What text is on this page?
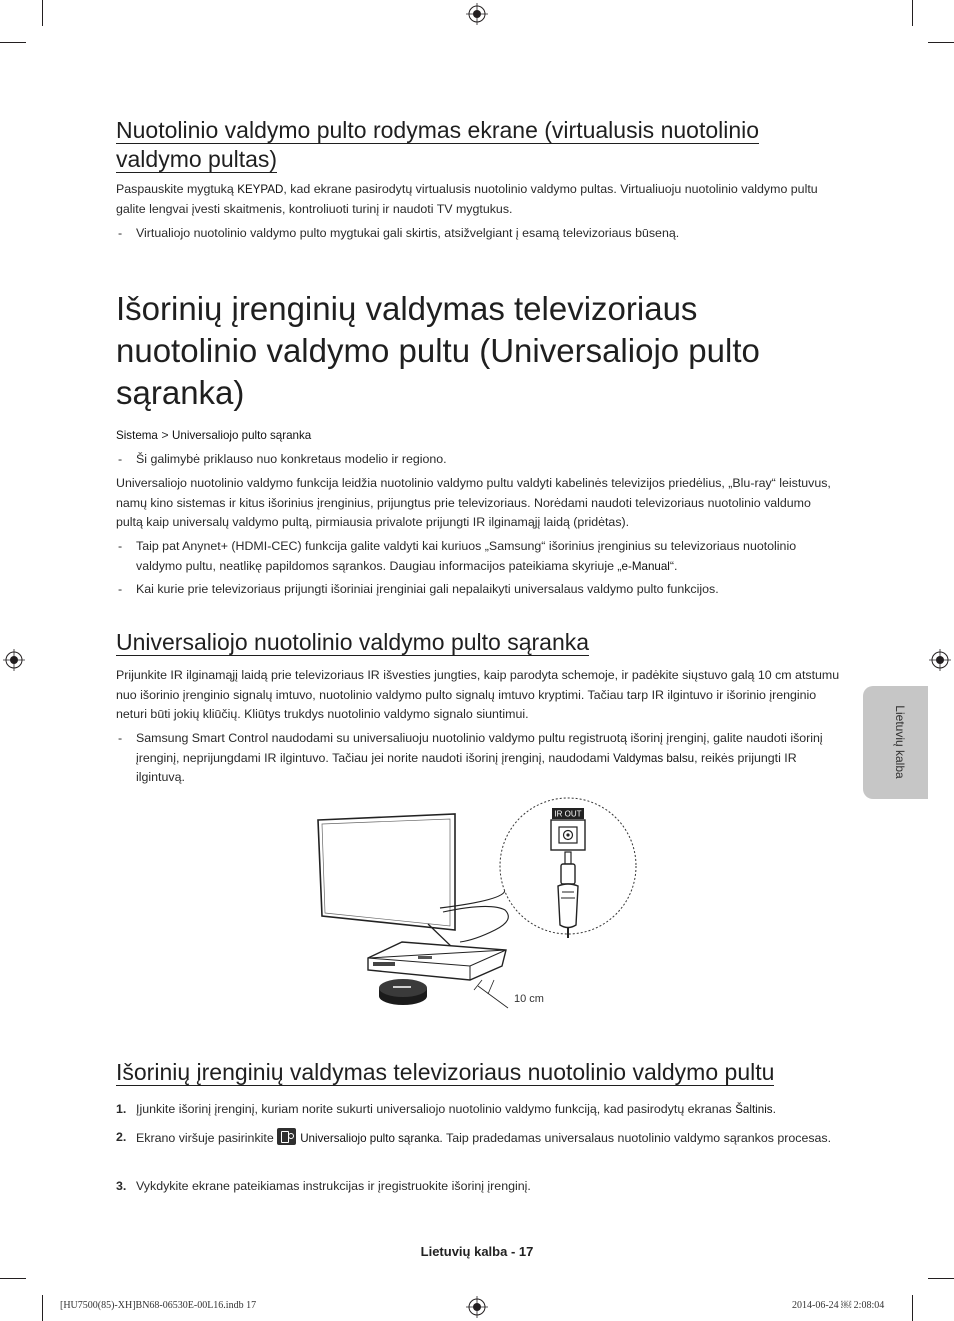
Nuotolinio valdymo pulto rodymas ekrane (virtualusis nuotolinio
valdymo pultas)
Paspauskite mygtuką KEYPAD, kad ekrane pasirodytų virtualusis nuotolinio valdymo pultas. Virtualiuoju nuotolinio valdymo pultu galite lengvai įvesti skaitmenis, kontroliuoti turinį ir naudoti TV mygtukus.
- Virtualiojo nuotolinio valdymo pulto mygtukai gali skirtis, atsižvelgiant į esamą televizoriaus būseną.
Išorinių įrenginių valdymas televizoriaus
nuotolinio valdymo pultu (Universaliojo pulto
sąranka)
Sistema > Universaliojo pulto sąranka
- Ši galimybė priklauso nuo konkretaus modelio ir regiono.
Universaliojo nuotolinio valdymo funkcija leidžia nuotolinio valdymo pultu valdyti kabelinės televizijos priedėlius, „Blu-ray“ leistuvus, namų kino sistemas ir kitus išorinius įrenginius, prijungtus prie televizoriaus. Norėdami naudoti televizoriaus nuotolinio valdumo pultą kaip universalų valdymo pultą, pirmiausia privalote prijungti IR ilginamąjį laidą (pridėtas).
- Taip pat Anynet+ (HDMI-CEC) funkcija galite valdyti kai kuriuos „Samsung“ išorinius įrenginius su televizoriaus nuotolinio valdymo pultu, neatlikę papildomos sąrankos. Daugiau informacijos pateikiama skyriuje „e-Manual“.
- Kai kurie prie televizoriaus prijungti išoriniai įrenginiai gali nepalaikyti universalaus valdymo pulto funkcijos.
Universaliojo nuotolinio valdymo pulto sąranka
Prijunkite IR ilginamąjį laidą prie televizoriaus IR išvesties jungties, kaip parodyta schemoje, ir padėkite siųstuvo galą 10 cm atstumu nuo išorinio įrenginio signalų imtuvo, nuotolinio valdymo pulto signalų imtuvo kryptimi. Tačiau tarp IR ilgintuvo ir išorinio įrenginio neturi būti jokių kliūčių. Kliūtys trukdys nuotolinio valdymo signalo siuntimui.
- Samsung Smart Control naudodami su universaliuoju nuotolinio valdymo pultu registruotą išorinį įrenginį, galite naudoti išorinį įrenginį, neprijungdami IR ilgintuvo. Tačiau jei norite naudoti išorinį įrenginį, naudodami Valdymas balsu, reikės prijungti IR ilgintuvą.
IR OUT
10 cm
Išorinių įrenginių valdymas televizoriaus nuotolinio valdymo pultu
1. Įjunkite išorinį įrenginį, kuriam norite sukurti universaliojo nuotolinio valdymo funkciją, kad pasirodytų ekranas Šaltinis.
2. Ekrano viršuje pasirinkite
Universaliojo pulto sąranka. Taip pradedamas universalaus nuotolinio valdymo sąrankos procesas.
3. Vykdykite ekrane pateikiamas instrukcijas ir įregistruokite išorinį įrenginį.
Lietuvių kalba
Lietuvių kalba - 17
[HU7500(85)-XH]BN68-06530E-00L16.indb 17	2014-06-24 ￼ 2:08:04
